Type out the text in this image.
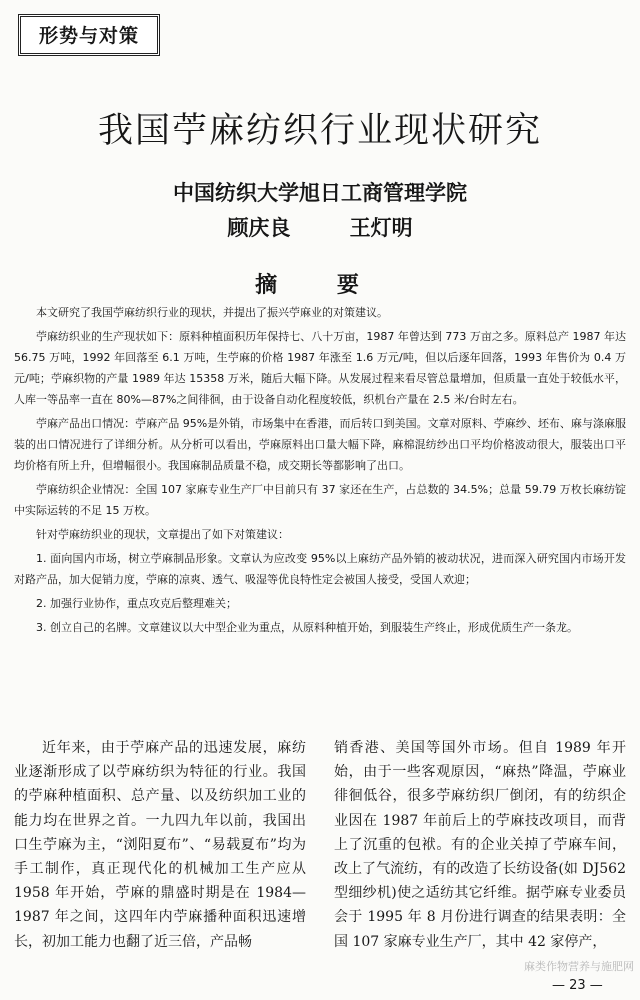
形势与对策
我国苧麻纺织行业现状研究
中国纺织大学旭日工商管理学院
顾庆良	王灯明
摘 要

本文研究了我国苧麻纺织行业的现状，并提出了振兴苧麻业的对策建议。

苧麻纺织业的生产现状如下：原料种植面积历年保持七、八十万亩，1987 年曾达到 773 万亩之多。原料总产 1987 年达 56.75 万吨，1992 年回落至 6.1 万吨，生苧麻的价格 1987 年涨至 1.6 万元/吨，但以后逐年回落，1993 年售价为 0.4 万元/吨；苧麻织物的产量 1989 年达 15358 万米，随后大幅下降。从发展过程来看尽管总量增加，但质量一直处于较低水平，人库一等品率一直在 80%—87%之间徘徊，由于设备自动化程度较低，织机台产量在 2.5 米/台时左右。

苧麻产品出口情况：苧麻产品 95%是外销，市场集中在香港，而后转口到美国。文章对原料、苧麻纱、坯布、麻与涤麻服装的出口情况进行了详细分析。从分析可以看出，苧麻原料出口量大幅下降，麻棉混纺纱出口平均价格波动很大，服装出口平均价格有所上升，但增幅很小。我国麻制品质量不稳，成交期长等都影响了出口。

苧麻纺织企业情况：全国 107 家麻专业生产厂中目前只有 37 家还在生产，占总数的 34.5%；总量 59.79 万枚长麻纺锭中实际运转的不足 15 万枚。

针对苧麻纺织业的现状，文章提出了如下对策建议：

1. 面向国内市场，树立苧麻制品形象。文章认为应改变 95%以上麻纺产品外销的被动状况，进而深入研究国内市场开发对路产品，加大促销力度，苧麻的凉爽、透气、吸湿等优良特性定会被国人接受，受国人欢迎；

2. 加强行业协作，重点攻克后整理难关；

3. 创立自己的名牌。文章建议以大中型企业为重点，从原料种植开始，到服装生产终止，形成优质生产一条龙。

近年来，由于苧麻产品的迅速发展，麻纺业逐渐形成了以苧麻纺织为特征的行业。我国的苧麻种植面积、总产量、以及纺织加工业的能力均在世界之首。一九四九年以前，我国出口生苧麻为主，“浏阳夏布”、“易载夏布”均为手工制作，真正现代化的机械加工生产应从 1958 年开始，苧麻的鼎盛时期是在 1984—1987 年之间，这四年内苧麻播种面积迅速增长，初加工能力也翻了近三倍，产品畅

销香港、美国等国外市场。但自 1989 年开始，由于一些客观原因，“麻热”降温，苧麻业徘徊低谷，很多苧麻纺织厂倒闭，有的纺织企业因在 1987 年前后上的苧麻技改项目，而背上了沉重的包袱。有的企业关掉了苧麻车间，改上了气流纺，有的改造了长纺设备(如 DJ562 型细纱机)使之适纺其它纤维。据苧麻专业委员会于 1995 年 8 月份进行调查的结果表明：全国 107 家麻专业生产厂，其中 42 家停产，

麻类作物营养与施肥网
— 23 —
